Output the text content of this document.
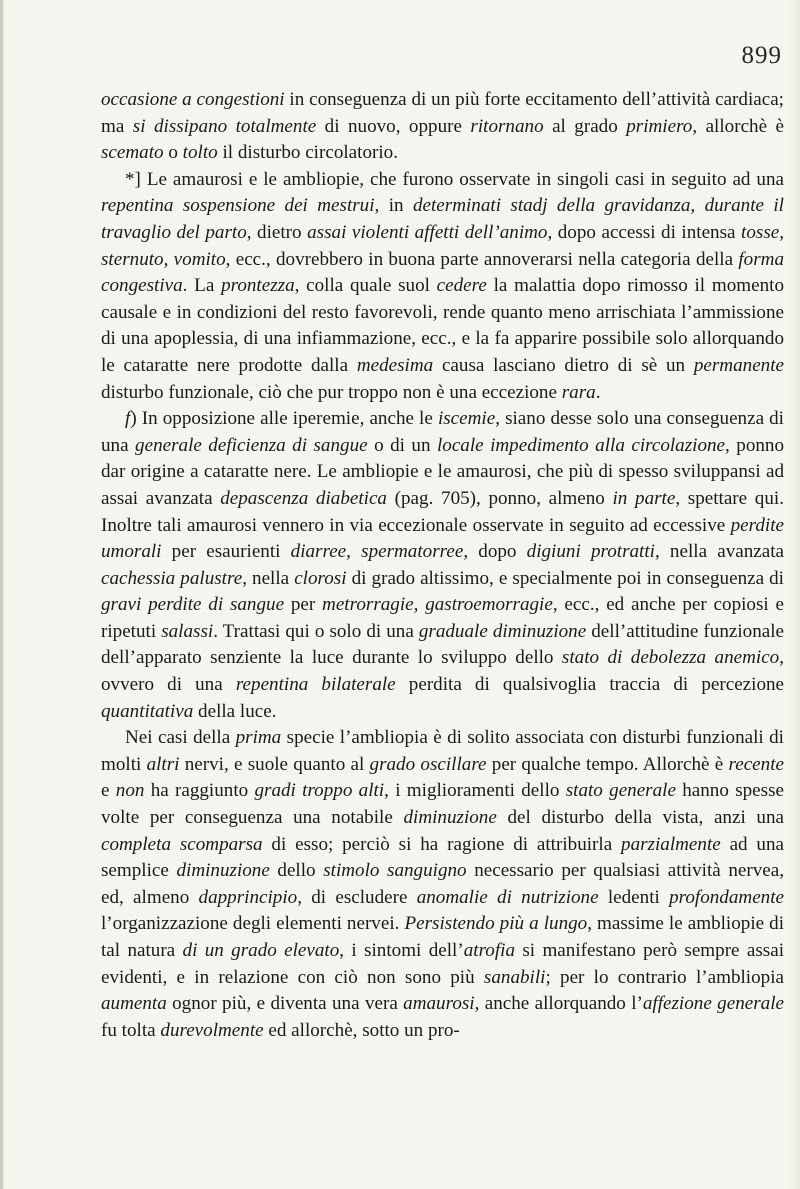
899

occasione a congestioni in conseguenza di un più forte eccitamento dell’attività cardiaca; ma si dissipano totalmente di nuovo, oppure ritornano al grado primiero, allorchè è scemato o tolto il disturbo circolatorio.

*] Le amaurosi e le ambliopie, che furono osservate in singoli casi in seguito ad una repentina sospensione dei mestrui, in determinati stadj della gravidanza, durante il travaglio del parto, dietro assai violenti affetti dell’animo, dopo accessi di intensa tosse, sternuto, vomito, ecc., dovrebbero in buona parte annoverarsi nella categoria della forma congestiva. La prontezza, colla quale suol cedere la malattia dopo rimosso il momento causale e in condizioni del resto favorevoli, rende quanto meno arrischiata l’ammissione di una apoplessia, di una infiammazione, ecc., e la fa apparire possibile solo allorquando le cataratte nere prodotte dalla medesima causa lasciano dietro di sè un permanente disturbo funzionale, ciò che pur troppo non è una eccezione rara.

f) In opposizione alle iperemie, anche le iscemie, siano desse solo una conseguenza di una generale deficienza di sangue o di un locale impedimento alla circolazione, ponno dar origine a cataratte nere. Le ambliopie e le amaurosi, che più di spesso sviluppansi ad assai avanzata depascenza diabetica (pag. 705), ponno, almeno in parte, spettare qui. Inoltre tali amaurosi vennero in via eccezionale osservate in seguito ad eccessive perdite umorali per esaurienti diarree, spermatorree, dopo digiuni protratti, nella avanzata cachessia palustre, nella clorosi di grado altissimo, e specialmente poi in conseguenza di gravi perdite di sangue per metrorragie, gastroemorragie, ecc., ed anche per copiosi e ripetuti salassi. Trattasi qui o solo di una graduale diminuzione dell’attitudine funzionale dell’apparato senziente la luce durante lo sviluppo dello stato di debolezza anemico, ovvero di una repentina bilaterale perdita di qualsivoglia traccia di percezione quantitativa della luce.

Nei casi della prima specie l’ambliopia è di solito associata con disturbi funzionali di molti altri nervi, e suole quanto al grado oscillare per qualche tempo. Allorchè è recente e non ha raggiunto gradi troppo alti, i miglioramenti dello stato generale hanno spesse volte per conseguenza una notabile diminuzione del disturbo della vista, anzi una completa scomparsa di esso; perciò si ha ragione di attribuirla parzialmente ad una semplice diminuzione dello stimolo sanguigno necessario per qualsiasi attività nervea, ed, almeno dapprincipio, di escludere anomalie di nutrizione ledenti profondamente l’organizzazione degli elementi nervei. Persistendo più a lungo, massime le ambliopie di tal natura di un grado elevato, i sintomi dell’atrofia si manifestano però sempre assai evidenti, e in relazione con ciò non sono più sanabili; per lo contrario l’ambliopia aumenta ognor più, e diventa una vera amaurosi, anche allorquando l’affezione generale fu tolta durevolmente ed allorchè, sotto un pro-
